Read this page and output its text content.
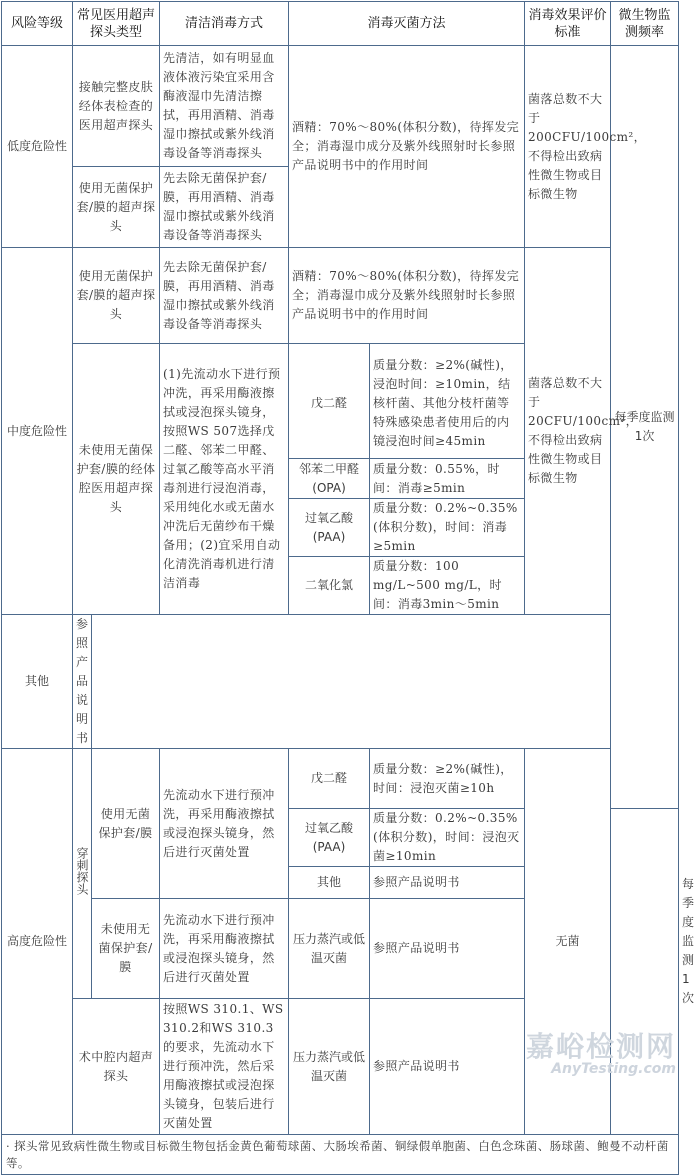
风险等级	常见医用超声探头类型		清洁消毒方式	消毒灭菌方法		消毒效果评价标准	微生物监测频率	
低度危险性	接触完整皮肤经体表检查的医用超声探头		先清洁，如有明显血液体液污染宜采用含酶液湿巾先清洁擦拭，再用酒精、消毒湿巾擦拭或紫外线消毒设备等消毒探头	酒精：70%～80%(体积分数)，待挥发完全；消毒湿巾成分及紫外线照射时长参照产品说明书中的作用时间		菌落总数不大于200CFU/100cm²，不得检出致病性微生物或目标微生物	每季度监测1次	
	使用无菌保护套/膜的超声探头		先去除无菌保护套/膜，再用酒精、消毒湿巾擦拭或紫外线消毒设备等消毒探头					
中度危险性	使用无菌保护套/膜的超声探头		先去除无菌保护套/膜，再用酒精、消毒湿巾擦拭或紫外线消毒设备等消毒探头	酒精：70%～80%(体积分数)，待挥发完全；消毒湿巾成分及紫外线照射时长参照产品说明书中的作用时间		菌落总数不大于20CFU/100cm²，不得检出致病性微生物或目标微生物		
	未使用无菌保护套/膜的经体腔医用超声探头		(1)先流动水下进行预冲洗，再采用酶液擦拭或浸泡探头镜身，按照WS 507选择戊二醛、邻苯二甲醛、过氧乙酸等高水平消毒剂进行浸泡消毒，采用纯化水或无菌水冲洗后无菌纱布干燥备用；(2)宜采用自动化清洗消毒机进行清洁消毒					
				戊二醛	质量分数：≥2%(碱性)，浸泡时间：≥10min，结核杆菌、其他分枝杆菌等特殊感染患者使用后的内镜浸泡时间≥45min			
				邻苯二甲醛(OPA)	质量分数：0.55%，时间：消毒≥5min			
				过氧乙酸(PAA)	质量分数：0.2%~0.35%(体积分数)，时间：消毒≥5min			
				二氧化氯	质量分数：100 mg/L~500 mg/L，时间：消毒3min～5min			
其他	参照产品说明书							
高度危险性	穿刺探头	使用无菌保护套/膜	先流动水下进行预冲洗，再采用酶液擦拭或浸泡探头镜身，然后进行灭菌处置	戊二醛	质量分数：≥2%(碱性)，时间：浸泡灭菌≥10h	无菌		每季度监测1次
				过氧乙酸(PAA)	质量分数：0.2%~0.35%(体积分数)，时间：浸泡灭菌≥10min			
				其他	参照产品说明书			
		未使用无菌保护套/膜	先流动水下进行预冲洗，再采用酶液擦拭或浸泡探头镜身，然后进行灭菌处置	压力蒸汽或低温灭菌	参照产品说明书			

	术中腔内超声探头		按照WS 310.1、WS 310.2和WS 310.3的要求，先流动水下进行预冲洗，然后采用酶液擦拭或浸泡探头镜身，包装后进行灭菌处置	压力蒸汽或低温灭菌	参照产品说明书			
· 探头常见致病性微生物或目标微生物包括金黄色葡萄球菌、大肠埃希菌、铜绿假单胞菌、白色念珠菌、肠球菌、鲍曼不动杆菌等。								
嘉峪检测网
AnyTesting.com
